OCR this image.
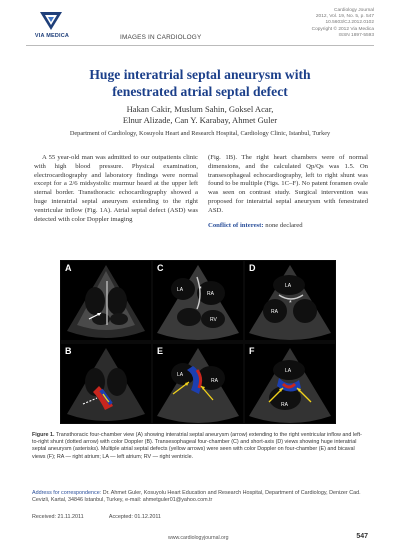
VIA MEDICA	IMAGES IN CARDIOLOGY
Cardiology Journal
2012, Vol. 19, No. 5, p. 547
10.5603/CJ.2012.0102
Copyright © 2012 Via Medica
ISSN 1897-5593
Huge interatrial septal aneurysm with
fenestrated atrial septal defect
Hakan Cakir, Muslum Sahin, Goksel Acar,
Elnur Alizade, Can Y. Karabay, Ahmet Guler
Department of Cardiology, Kosuyolu Heart and Research Hospital, Cardiology Clinic, Istanbul, Turkey
A 55 year-old man was admitted to our outpatients clinic with high blood pressure. Physical examination, electrocardiography and laboratory findings were normal except for a 2/6 midsystolic murmur heard at the upper left sternal border. Transthoracic echocardiography showed a huge interatrial septal aneurysm extending to the right ventricular inflow (Fig. 1A). Atrial septal defect (ASD) was detected with color Doppler imaging
(Fig. 1B). The right heart chambers were of normal dimensions, and the calculated Qp/Qs was 1.5. On transesophageal echocardiography, left to right shunt was found to be multiple (Figs. 1C–F). No patent foramen ovale was seen on contrast study. Surgical intervention was proposed for interatrial septal aneurysm with fenestrated ASD.
Conflict of interest: none declared
A
LA
RA
RV
*
C
LA
RA
*
D
B
LA
RA
E
LA
RA
F
Figure 1. Transthoracic four-chamber view (A) showing interatrial septal aneurysm (arrow) extending to the right ventricular inflow and left-to-right shunt (dotted arrow) with color Doppler (B). Transesophageal four-chamber (C) and short-axis (D) views showing huge interatrial septal aneurysm (asterisks). Multiple atrial septal defects (yellow arrows) were seen with color Doppler on four-chamber (E) and bicaval views (F); RA — right atrium; LA — left atrium; RV — right ventricle.
Address for correspondence: Dr. Ahmet Guler, Kosuyolu Heart Education and Research Hospital, Department of Cardiology, Denizer Cad. Cevizli, Kartal, 34846 Istanbul, Turkey, e-mail: ahmetguler01@yahoo.com.tr
Received: 21.11.2011	Accepted: 01.12.2011
www.cardiologyjournal.org	547
